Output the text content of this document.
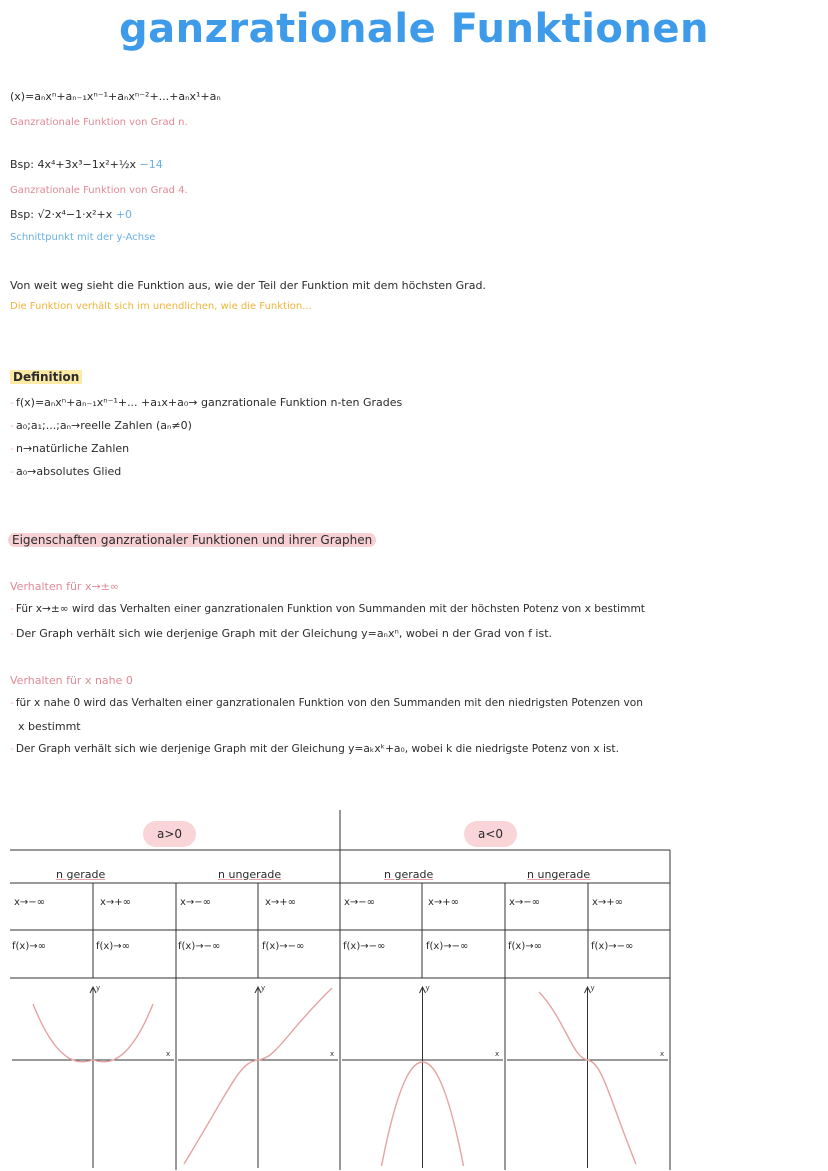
ganzrationale Funktionen
(x)=aₙxⁿ+aₙ₋₁xⁿ⁻¹+aₙxⁿ⁻²+...+aₙx¹+aₙ
Ganzrationale Funktion von Grad n.
Bsp: 4x⁴+3x³−1x²+½x −14
Ganzrationale Funktion von Grad 4.
Bsp: √2·x⁴−1·x²+x +0
Schnittpunkt mit der y-Achse
Von weit weg sieht die Funktion aus, wie der Teil der Funktion mit dem höchsten Grad.
Die Funktion verhält sich im unendlichen, wie die Funktion...
Definition
- f(x)=aₙxⁿ+aₙ₋₁xⁿ⁻¹+... +a₁x+a₀→ ganzrationale Funktion n-ten Grades
- a₀;a₁;...;aₙ→reelle Zahlen (aₙ≠0)
- n→natürliche Zahlen
- a₀→absolutes Glied
Eigenschaften ganzrationaler Funktionen und ihrer Graphen
Verhalten für x→±∞
- Für x→±∞ wird das Verhalten einer ganzrationalen Funktion von Summanden mit der höchsten Potenz von x bestimmt
- Der Graph verhält sich wie derjenige Graph mit der Gleichung y=aₙxⁿ, wobei n der Grad von f ist.
Verhalten für x nahe 0
- für x nahe 0 wird das Verhalten einer ganzrationalen Funktion von den Summanden mit den niedrigsten Potenzen von
x bestimmt
- Der Graph verhält sich wie derjenige Graph mit der Gleichung y=aₖxᵏ+a₀, wobei k die niedrigste Potenz von x ist.
a>0	a<0
y
x
y
x
y
x
y
x
n gerade	n ungerade	n gerade	n ungerade
x→−∞	x→+∞	x→−∞	x→+∞	x→−∞	x→+∞	x→−∞	x→+∞
f(x)→∞	f(x)→∞	f(x)→−∞	f(x)→−∞	f(x)→−∞	f(x)→−∞	f(x)→∞	f(x)→−∞
